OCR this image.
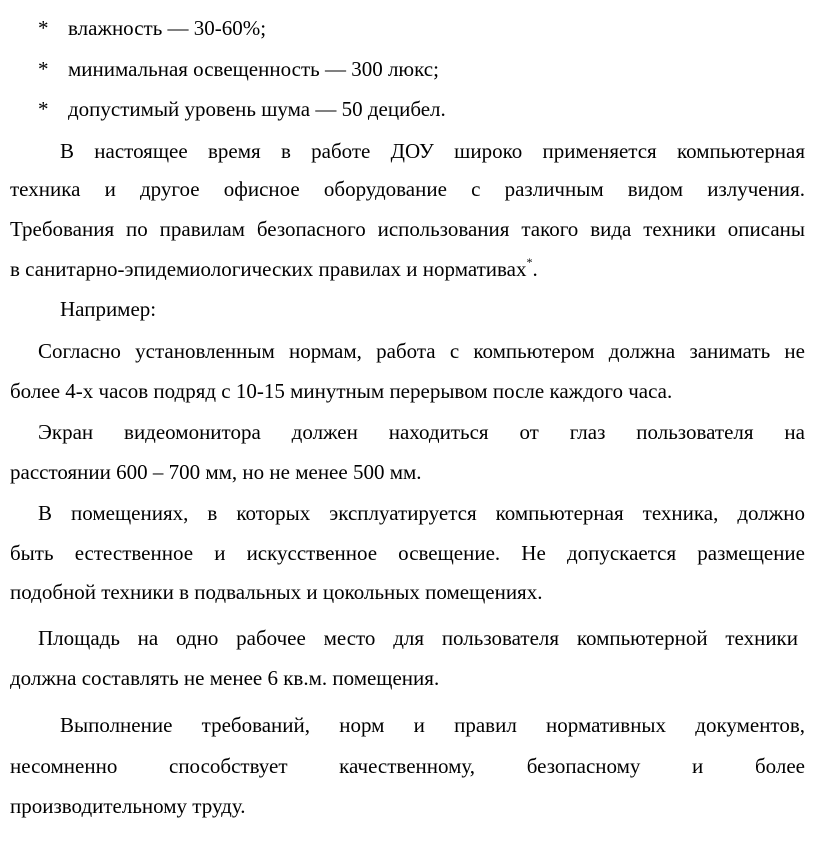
* влажность — 30-60%;
* минимальная освещенность — 300 люкс;
* допустимый уровень шума — 50 децибел.
В настоящее время в работе ДОУ широко применяется компьютерная
техника и другое офисное оборудование с различным видом излучения.
Требования по правилам безопасного использования такого вида техники описаны
в санитарно-эпидемиологических правилах и нормативах*.
Например:
Согласно установленным нормам, работа с компьютером должна занимать не
более 4-х часов подряд с 10-15 минутным перерывом после каждого часа.
Экран видеомонитора должен находиться от глаз пользователя на
расстоянии 600 – 700 мм, но не менее 500 мм.
В помещениях, в которых эксплуатируется компьютерная техника, должно
быть естественное и искусственное освещение. Не допускается размещение
подобной техники в подвальных и цокольных помещениях.
Площадь на одно рабочее место для пользователя компьютерной техники
должна составлять не менее 6 кв.м. помещения.
Выполнение требований, норм и правил нормативных документов,
несомненно способствует качественному, безопасному и более
производительному труду.
